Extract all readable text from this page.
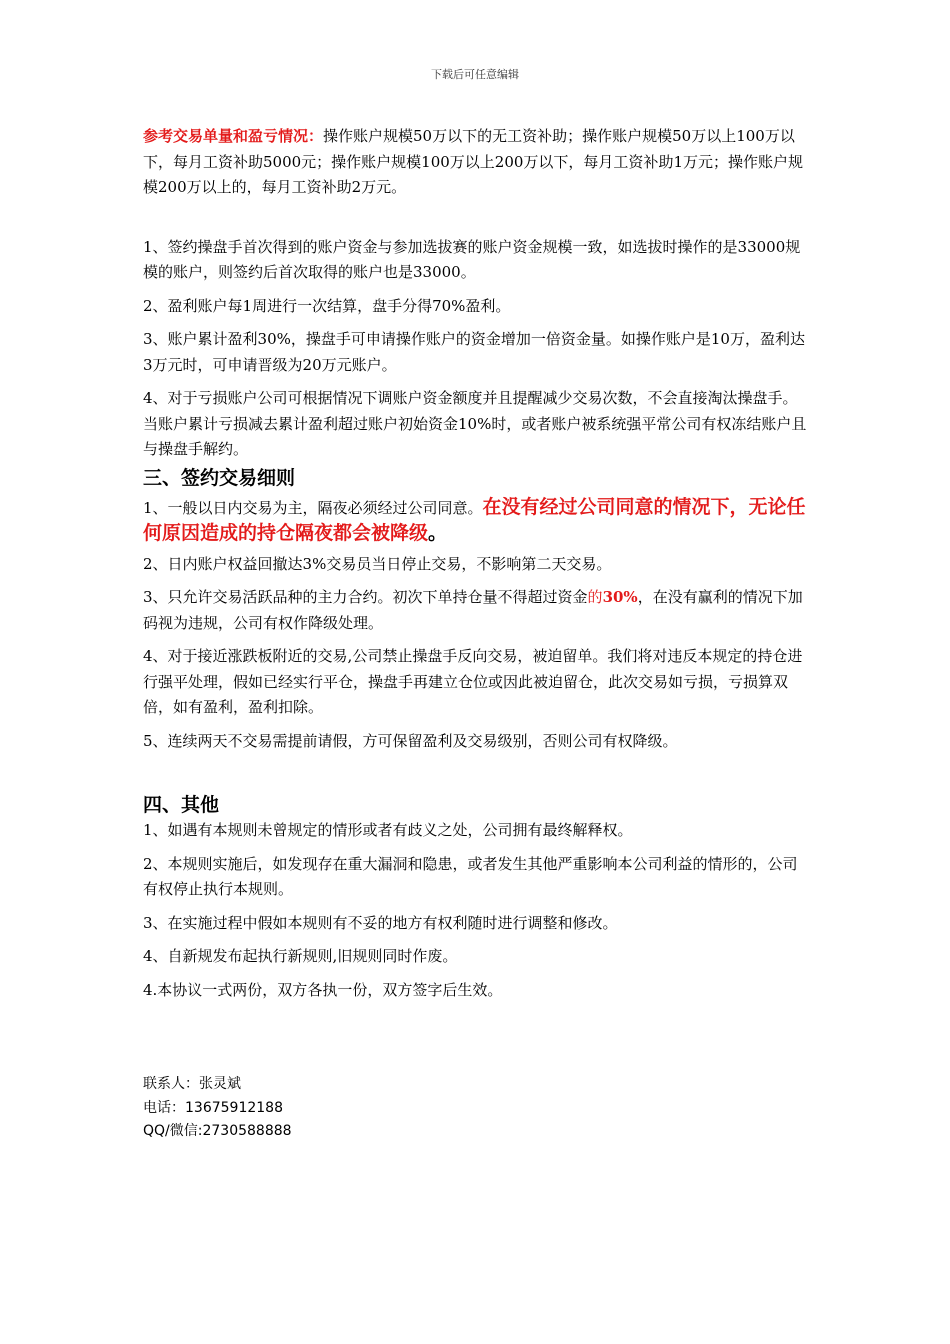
下载后可任意编辑

参考交易单量和盈亏情况：操作账户规模50万以下的无工资补助；操作账户规模50万以上100万以下，每月工资补助5000元；操作账户规模100万以上200万以下，每月工资补助1万元；操作账户规模200万以上的，每月工资补助2万元。

1、签约操盘手首次得到的账户资金与参加选拔赛的账户资金规模一致，如选拔时操作的是33000规模的账户，则签约后首次取得的账户也是33000。

2、盈利账户每1周进行一次结算，盘手分得70%盈利。

3、账户累计盈利30%，操盘手可申请操作账户的资金增加一倍资金量。如操作账户是10万，盈利达3万元时，可申请晋级为20万元账户。

4、对于亏损账户公司可根据情况下调账户资金额度并且提醒减少交易次数，不会直接淘汰操盘手。当账户累计亏损减去累计盈利超过账户初始资金10%时，或者账户被系统强平常公司有权冻结账户且与操盘手解约。

三、签约交易细则

1、一般以日内交易为主，隔夜必须经过公司同意。在没有经过公司同意的情况下，无论任何原因造成的持仓隔夜都会被降级。

2、日内账户权益回撤达3%交易员当日停止交易，不影响第二天交易。

3、只允许交易活跃品种的主力合约。初次下单持仓量不得超过资金的30%，在没有赢利的情况下加码视为违规，公司有权作降级处理。

4、对于接近涨跌板附近的交易,公司禁止操盘手反向交易，被迫留单。我们将对违反本规定的持仓进行强平处理，假如已经实行平仓，操盘手再建立仓位或因此被迫留仓，此次交易如亏损，亏损算双倍，如有盈利，盈利扣除。

5、连续两天不交易需提前请假，方可保留盈利及交易级别，否则公司有权降级。

四、其他

1、如遇有本规则未曾规定的情形或者有歧义之处，公司拥有最终解释权。

2、本规则实施后，如发现存在重大漏洞和隐患，或者发生其他严重影响本公司利益的情形的，公司有权停止执行本规则。

3、在实施过程中假如本规则有不妥的地方有权利随时进行调整和修改。

4、自新规发布起执行新规则,旧规则同时作废。

4.本协议一式两份，双方各执一份，双方签字后生效。

联系人：张灵斌

电话：13675912188

QQ/微信:2730588888
